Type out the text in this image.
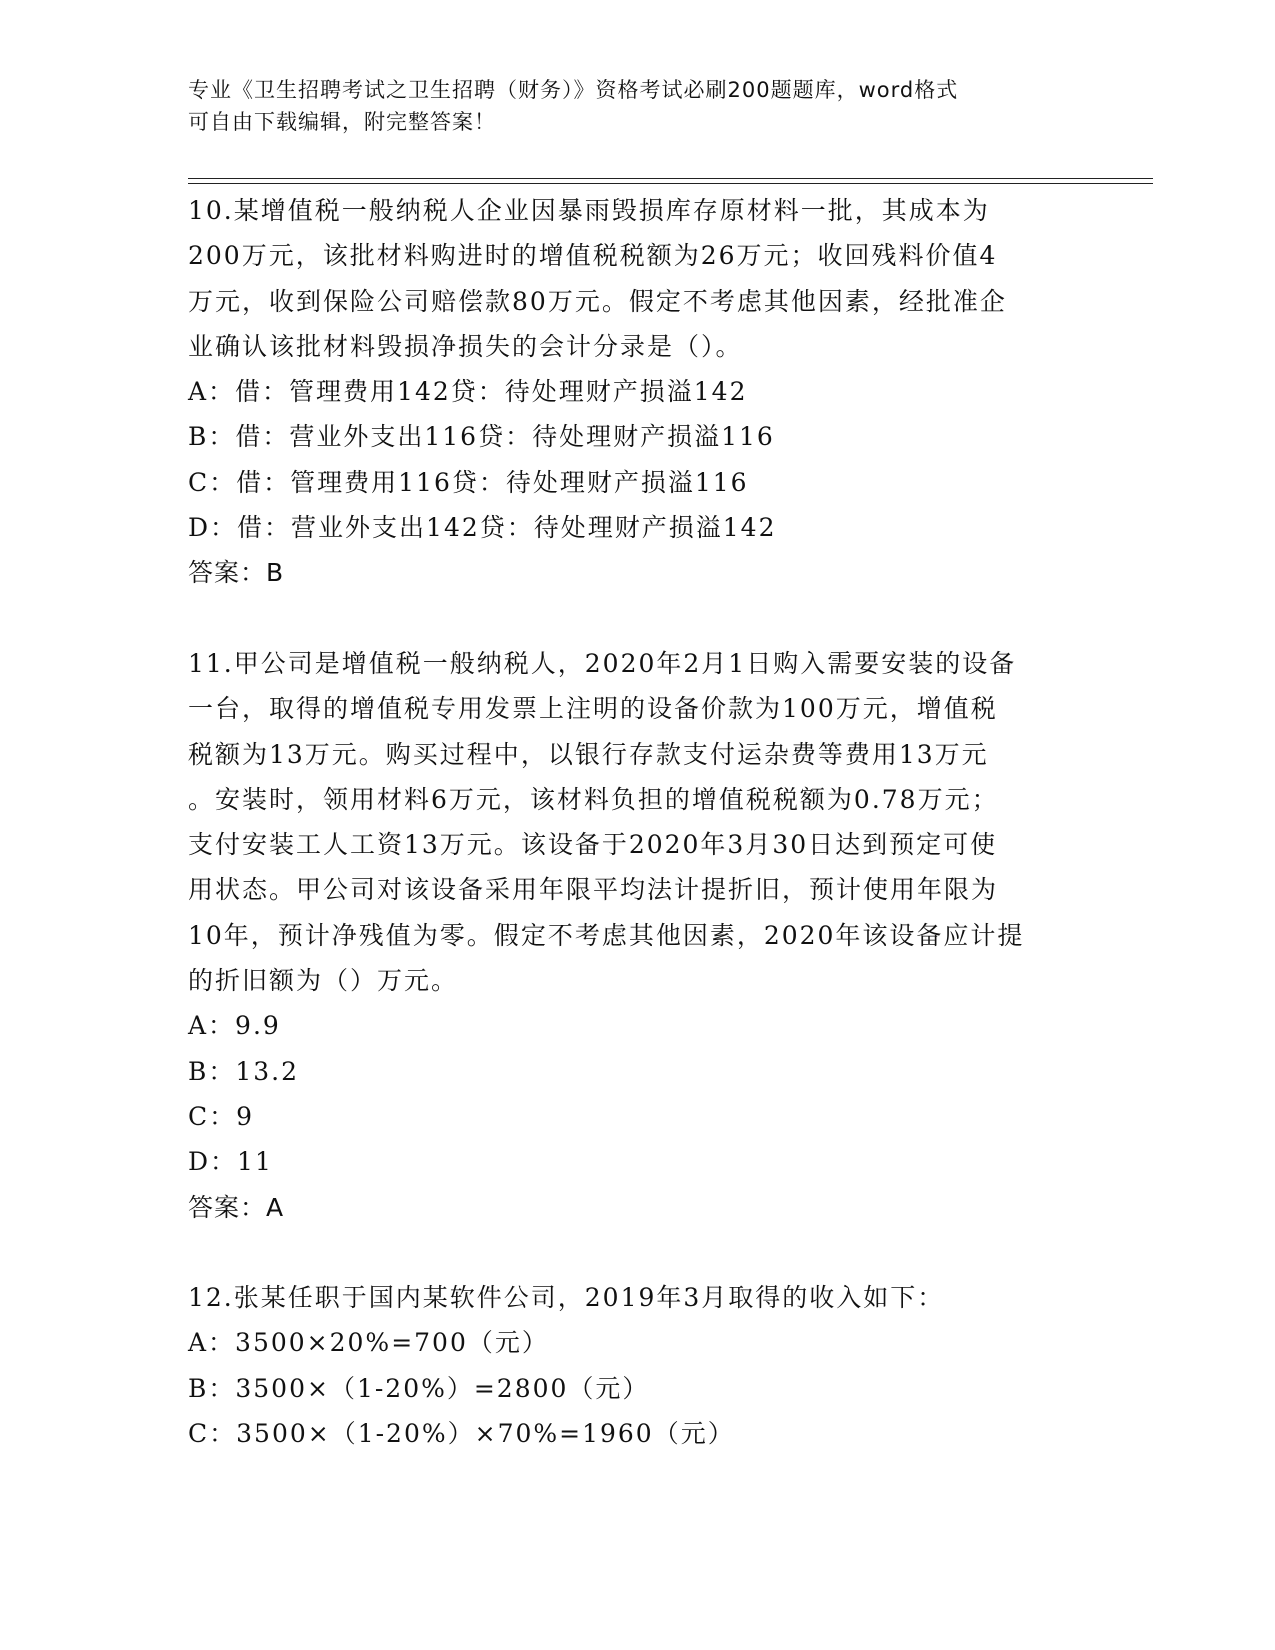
专业《卫生招聘考试之卫生招聘（财务）》资格考试必刷200题题库，word格式
可自由下载编辑，附完整答案！
10.某增值税一般纳税人企业因暴雨毁损库存原材料一批，其成本为
200万元，该批材料购进时的增值税税额为26万元；收回残料价值4
万元，收到保险公司赔偿款80万元。假定不考虑其他因素，经批准企
业确认该批材料毁损净损失的会计分录是（）。
A：借：管理费用142贷：待处理财产损溢142
B：借：营业外支出116贷：待处理财产损溢116
C：借：管理费用116贷：待处理财产损溢116
D：借：营业外支出142贷：待处理财产损溢142
答案：B
11.甲公司是增值税一般纳税人，2020年2月1日购入需要安装的设备
一台，取得的增值税专用发票上注明的设备价款为100万元，增值税
税额为13万元。购买过程中，以银行存款支付运杂费等费用13万元
。安装时，领用材料6万元，该材料负担的增值税税额为0.78万元；
支付安装工人工资13万元。该设备于2020年3月30日达到预定可使
用状态。甲公司对该设备采用年限平均法计提折旧，预计使用年限为
10年，预计净残值为零。假定不考虑其他因素，2020年该设备应计提
的折旧额为（）万元。
A：9.9
B：13.2
C：9
D：11
答案：A
12.张某任职于国内某软件公司，2019年3月取得的收入如下：
A：3500×20%=700（元）
B：3500×（1-20%）=2800（元）
C：3500×（1-20%）×70%=1960（元）
